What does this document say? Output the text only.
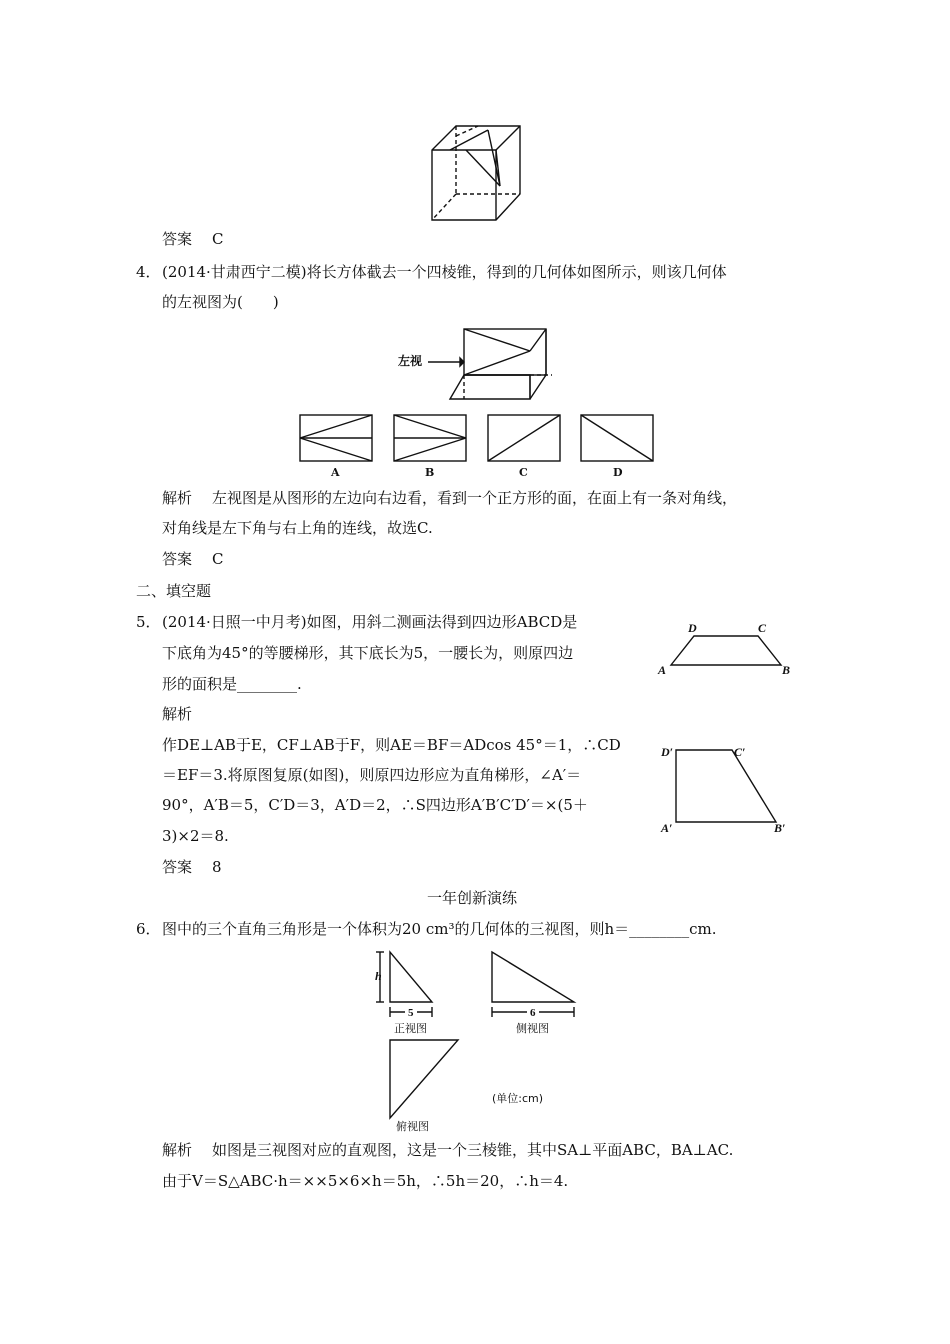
答案 C
4． (2014·甘肃西宁二模)将长方体截去一个四棱锥，得到的几何体如图所示，则该几何体
的左视图为(　　)
左视
A	B	C	D
解析 左视图是从图形的左边向右边看，看到一个正方形的面，在面上有一条对角线，
对角线是左下角与右上角的连线，故选C.
答案 C
二、填空题
5． (2014·日照一中月考)如图，用斜二测画法得到四边形ABCD是
下底角为45°的等腰梯形，其下底长为5，一腰长为，则原四边
形的面积是________.
D	C
A	B
解析
作DE⊥AB于E，CF⊥AB于F，则AE＝BF＝ADcos 45°＝1，∴CD
＝EF＝3.将原图复原(如图)，则原四边形应为直角梯形，∠A′＝
90°，A′B＝5，C′D＝3，A′D＝2，∴S四边形A′B′C′D′＝×(5＋
3)×2＝8.
D′	C′
A′	B′
答案 8
一年创新演练
6． 图中的三个直角三角形是一个体积为20 cm³的几何体的三视图，则h＝________cm.
h
5
正视图
6
侧视图
俯视图
(单位:cm)
解析 如图是三视图对应的直观图，这是一个三棱锥，其中SA⊥平面ABC，BA⊥AC.
由于V＝S△ABC·h＝××5×6×h＝5h，∴5h＝20，∴h＝4.
